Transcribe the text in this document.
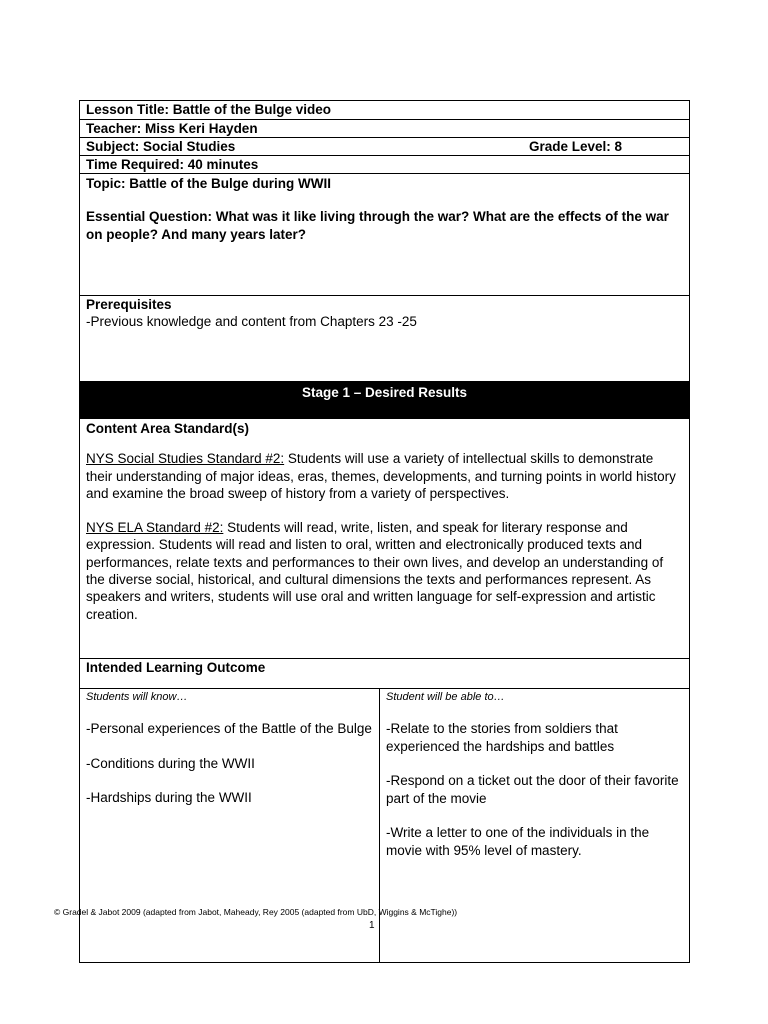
Lesson Title: Battle of the Bulge video
Teacher: Miss Keri Hayden
Subject: Social Studies	Grade Level: 8
Time Required: 40 minutes
Topic: Battle of the Bulge during WWII
Essential Question: What was it like living through the war? What are the effects of the war on people? And many years later?
Prerequisites
-Previous knowledge and content from Chapters 23 -25
Stage 1 – Desired Results
Content Area Standard(s)
NYS Social Studies Standard #2: Students will use a variety of intellectual skills to demonstrate their understanding of major ideas, eras, themes, developments, and turning points in world history and examine the broad sweep of history from a variety of perspectives.
NYS ELA Standard #2: Students will read, write, listen, and speak for literary response and expression. Students will read and listen to oral, written and electronically produced texts and performances, relate texts and performances to their own lives, and develop an understanding of the diverse social, historical, and cultural dimensions the texts and performances represent. As speakers and writers, students will use oral and written language for self-expression and artistic creation.
Intended Learning Outcome
Students will know…

-Personal experiences of the Battle of the Bulge

-Conditions during the WWII

-Hardships during the WWII

Student will be able to…

-Relate to the stories from soldiers that experienced the hardships and battles

-Respond on a ticket out the door of their favorite part of the movie

-Write a letter to one of the individuals in the movie with 95% level of mastery.

© Gradel & Jabot 2009 (adapted from Jabot, Maheady, Rey 2005 (adapted from UbD, Wiggins & McTighe))
1
